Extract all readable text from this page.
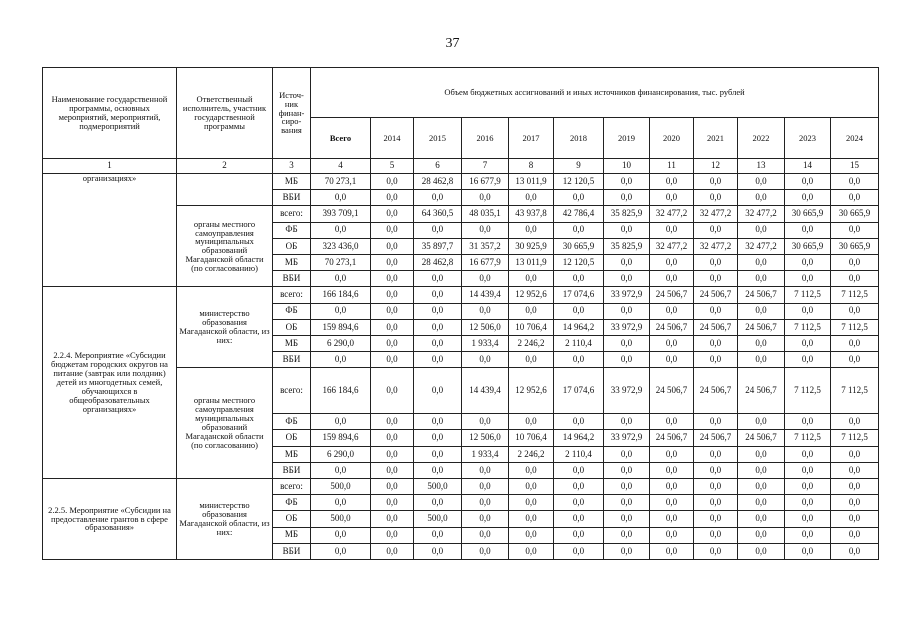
37
Наименование государственной программы, основных мероприятий, мероприятий, подмероприятий	Ответственный исполнитель, участник государственной программы	Источ-ник финан-сиро-вания	Объем бюджетных ассигнований и иных источников финансирования, тыс. рублей											
			Всего	2014	2015	2016	2017	2018	2019	2020	2021	2022	2023	2024
1	2	3	4	5	6	7	8	9	10	11	12	13	14	15
организациях»		МБ	70 273,1	0,0	28 462,8	16 677,9	13 011,9	12 120,5	0,0	0,0	0,0	0,0	0,0	0,0
		ВБИ	0,0	0,0	0,0	0,0	0,0	0,0	0,0	0,0	0,0	0,0	0,0	0,0
	органы местного самоуправления муниципальных образований Магаданской области (по согласованию)	всего:	393 709,1	0,0	64 360,5	48 035,1	43 937,8	42 786,4	35 825,9	32 477,2	32 477,2	32 477,2	30 665,9	30 665,9
		ФБ	0,0	0,0	0,0	0,0	0,0	0,0	0,0	0,0	0,0	0,0	0,0	0,0
		ОБ	323 436,0	0,0	35 897,7	31 357,2	30 925,9	30 665,9	35 825,9	32 477,2	32 477,2	32 477,2	30 665,9	30 665,9
		МБ	70 273,1	0,0	28 462,8	16 677,9	13 011,9	12 120,5	0,0	0,0	0,0	0,0	0,0	0,0
		ВБИ	0,0	0,0	0,0	0,0	0,0	0,0	0,0	0,0	0,0	0,0	0,0	0,0
2.2.4. Мероприятие «Субсидии бюджетам городских округов на питание (завтрак или полдник) детей из многодетных семей, обучающихся в общеобразовательных организациях»	министерство образования Магаданской области, из них:	всего:	166 184,6	0,0	0,0	14 439,4	12 952,6	17 074,6	33 972,9	24 506,7	24 506,7	24 506,7	7 112,5	7 112,5
		ФБ	0,0	0,0	0,0	0,0	0,0	0,0	0,0	0,0	0,0	0,0	0,0	0,0
		ОБ	159 894,6	0,0	0,0	12 506,0	10 706,4	14 964,2	33 972,9	24 506,7	24 506,7	24 506,7	7 112,5	7 112,5
		МБ	6 290,0	0,0	0,0	1 933,4	2 246,2	2 110,4	0,0	0,0	0,0	0,0	0,0	0,0
		ВБИ	0,0	0,0	0,0	0,0	0,0	0,0	0,0	0,0	0,0	0,0	0,0	0,0
	органы местного самоуправления муниципальных образований Магаданской области (по согласованию)	всего:	166 184,6	0,0	0,0	14 439,4	12 952,6	17 074,6	33 972,9	24 506,7	24 506,7	24 506,7	7 112,5	7 112,5
		ФБ	0,0	0,0	0,0	0,0	0,0	0,0	0,0	0,0	0,0	0,0	0,0	0,0
		ОБ	159 894,6	0,0	0,0	12 506,0	10 706,4	14 964,2	33 972,9	24 506,7	24 506,7	24 506,7	7 112,5	7 112,5
		МБ	6 290,0	0,0	0,0	1 933,4	2 246,2	2 110,4	0,0	0,0	0,0	0,0	0,0	0,0
		ВБИ	0,0	0,0	0,0	0,0	0,0	0,0	0,0	0,0	0,0	0,0	0,0	0,0
2.2.5. Мероприятие «Субсидии на предоставление грантов в сфере образования»	министерство образования Магаданской области, из них:	всего:	500,0	0,0	500,0	0,0	0,0	0,0	0,0	0,0	0,0	0,0	0,0	0,0
		ФБ	0,0	0,0	0,0	0,0	0,0	0,0	0,0	0,0	0,0	0,0	0,0	0,0
		ОБ	500,0	0,0	500,0	0,0	0,0	0,0	0,0	0,0	0,0	0,0	0,0	0,0
		МБ	0,0	0,0	0,0	0,0	0,0	0,0	0,0	0,0	0,0	0,0	0,0	0,0
		ВБИ	0,0	0,0	0,0	0,0	0,0	0,0	0,0	0,0	0,0	0,0	0,0	0,0
